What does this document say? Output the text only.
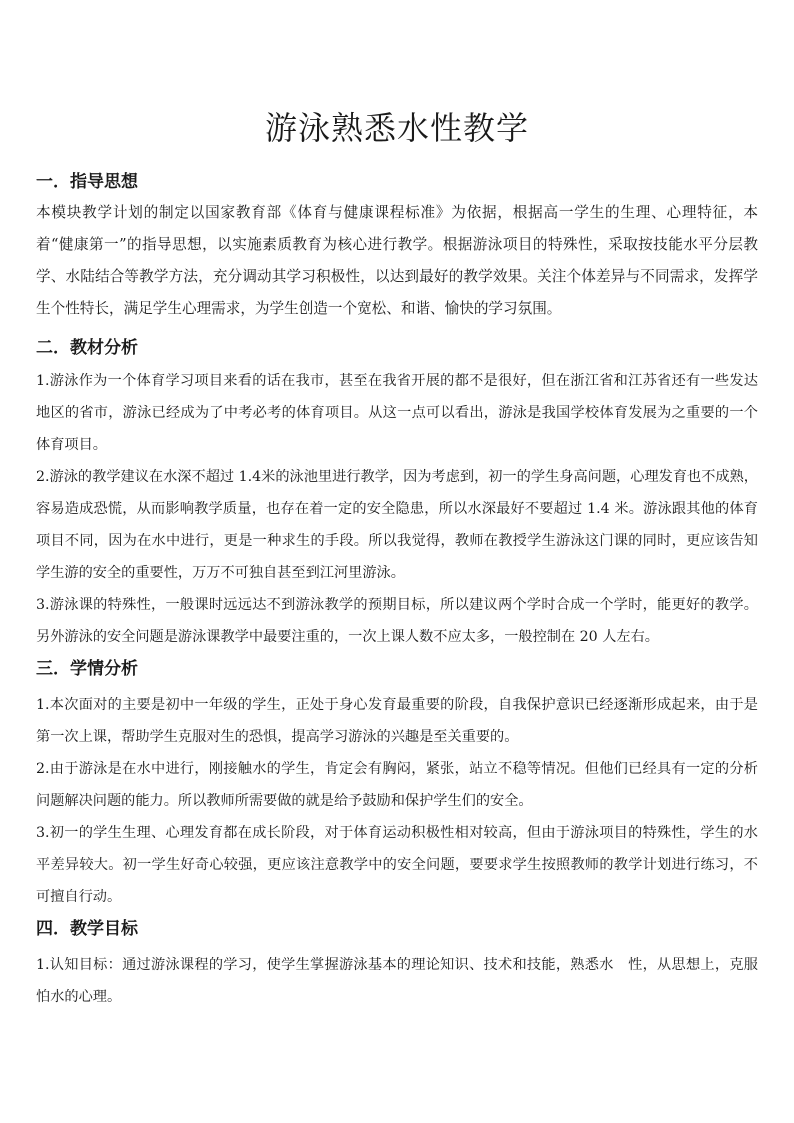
游泳熟悉水性教学
一．指导思想

本模块教学计划的制定以国家教育部《体育与健康课程标准》为依据，根据高一学生的生理、心理特征，本着“健康第一”的指导思想，以实施素质教育为核心进行教学。根据游泳项目的特殊性，采取按技能水平分层教学、水陆结合等教学方法，充分调动其学习积极性，以达到最好的教学效果。关注个体差异与不同需求，发挥学生个性特长，满足学生心理需求，为学生创造一个宽松、和谐、愉快的学习氛围。

二．教材分析

1.游泳作为一个体育学习项目来看的话在我市，甚至在我省开展的都不是很好，但在浙江省和江苏省还有一些发达地区的省市，游泳已经成为了中考必考的体育项目。从这一点可以看出，游泳是我国学校体育发展为之重要的一个体育项目。

2.游泳的教学建议在水深不超过 1.4米的泳池里进行教学，因为考虑到，初一的学生身高问题，心理发育也不成熟，容易造成恐慌，从而影响教学质量，也存在着一定的安全隐患，所以水深最好不要超过 1.4 米。游泳跟其他的体育项目不同，因为在水中进行，更是一种求生的手段。所以我觉得，教师在教授学生游泳这门课的同时，更应该告知学生游的安全的重要性，万万不可独自甚至到江河里游泳。

3.游泳课的特殊性，一般课时远远达不到游泳教学的预期目标，所以建议两个学时合成一个学时，能更好的教学。另外游泳的安全问题是游泳课教学中最要注重的，一次上课人数不应太多，一般控制在 20 人左右。

三．学情分析

1.本次面对的主要是初中一年级的学生，正处于身心发育最重要的阶段，自我保护意识已经逐渐形成起来，由于是第一次上课，帮助学生克服对生的恐惧，提高学习游泳的兴趣是至关重要的。

2.由于游泳是在水中进行，刚接触水的学生，肯定会有胸闷，紧张，站立不稳等情况。但他们已经具有一定的分析问题解决问题的能力。所以教师所需要做的就是给予鼓励和保护学生们的安全。

3.初一的学生生理、心理发育都在成长阶段，对于体育运动积极性相对较高，但由于游泳项目的特殊性，学生的水平差异较大。初一学生好奇心较强，更应该注意教学中的安全问题，要要求学生按照教师的教学计划进行练习，不可擅自行动。

四．教学目标

1.认知目标：通过游泳课程的学习，使学生掌握游泳基本的理论知识、技术和技能，熟悉水　性，从思想上，克服怕水的心理。
